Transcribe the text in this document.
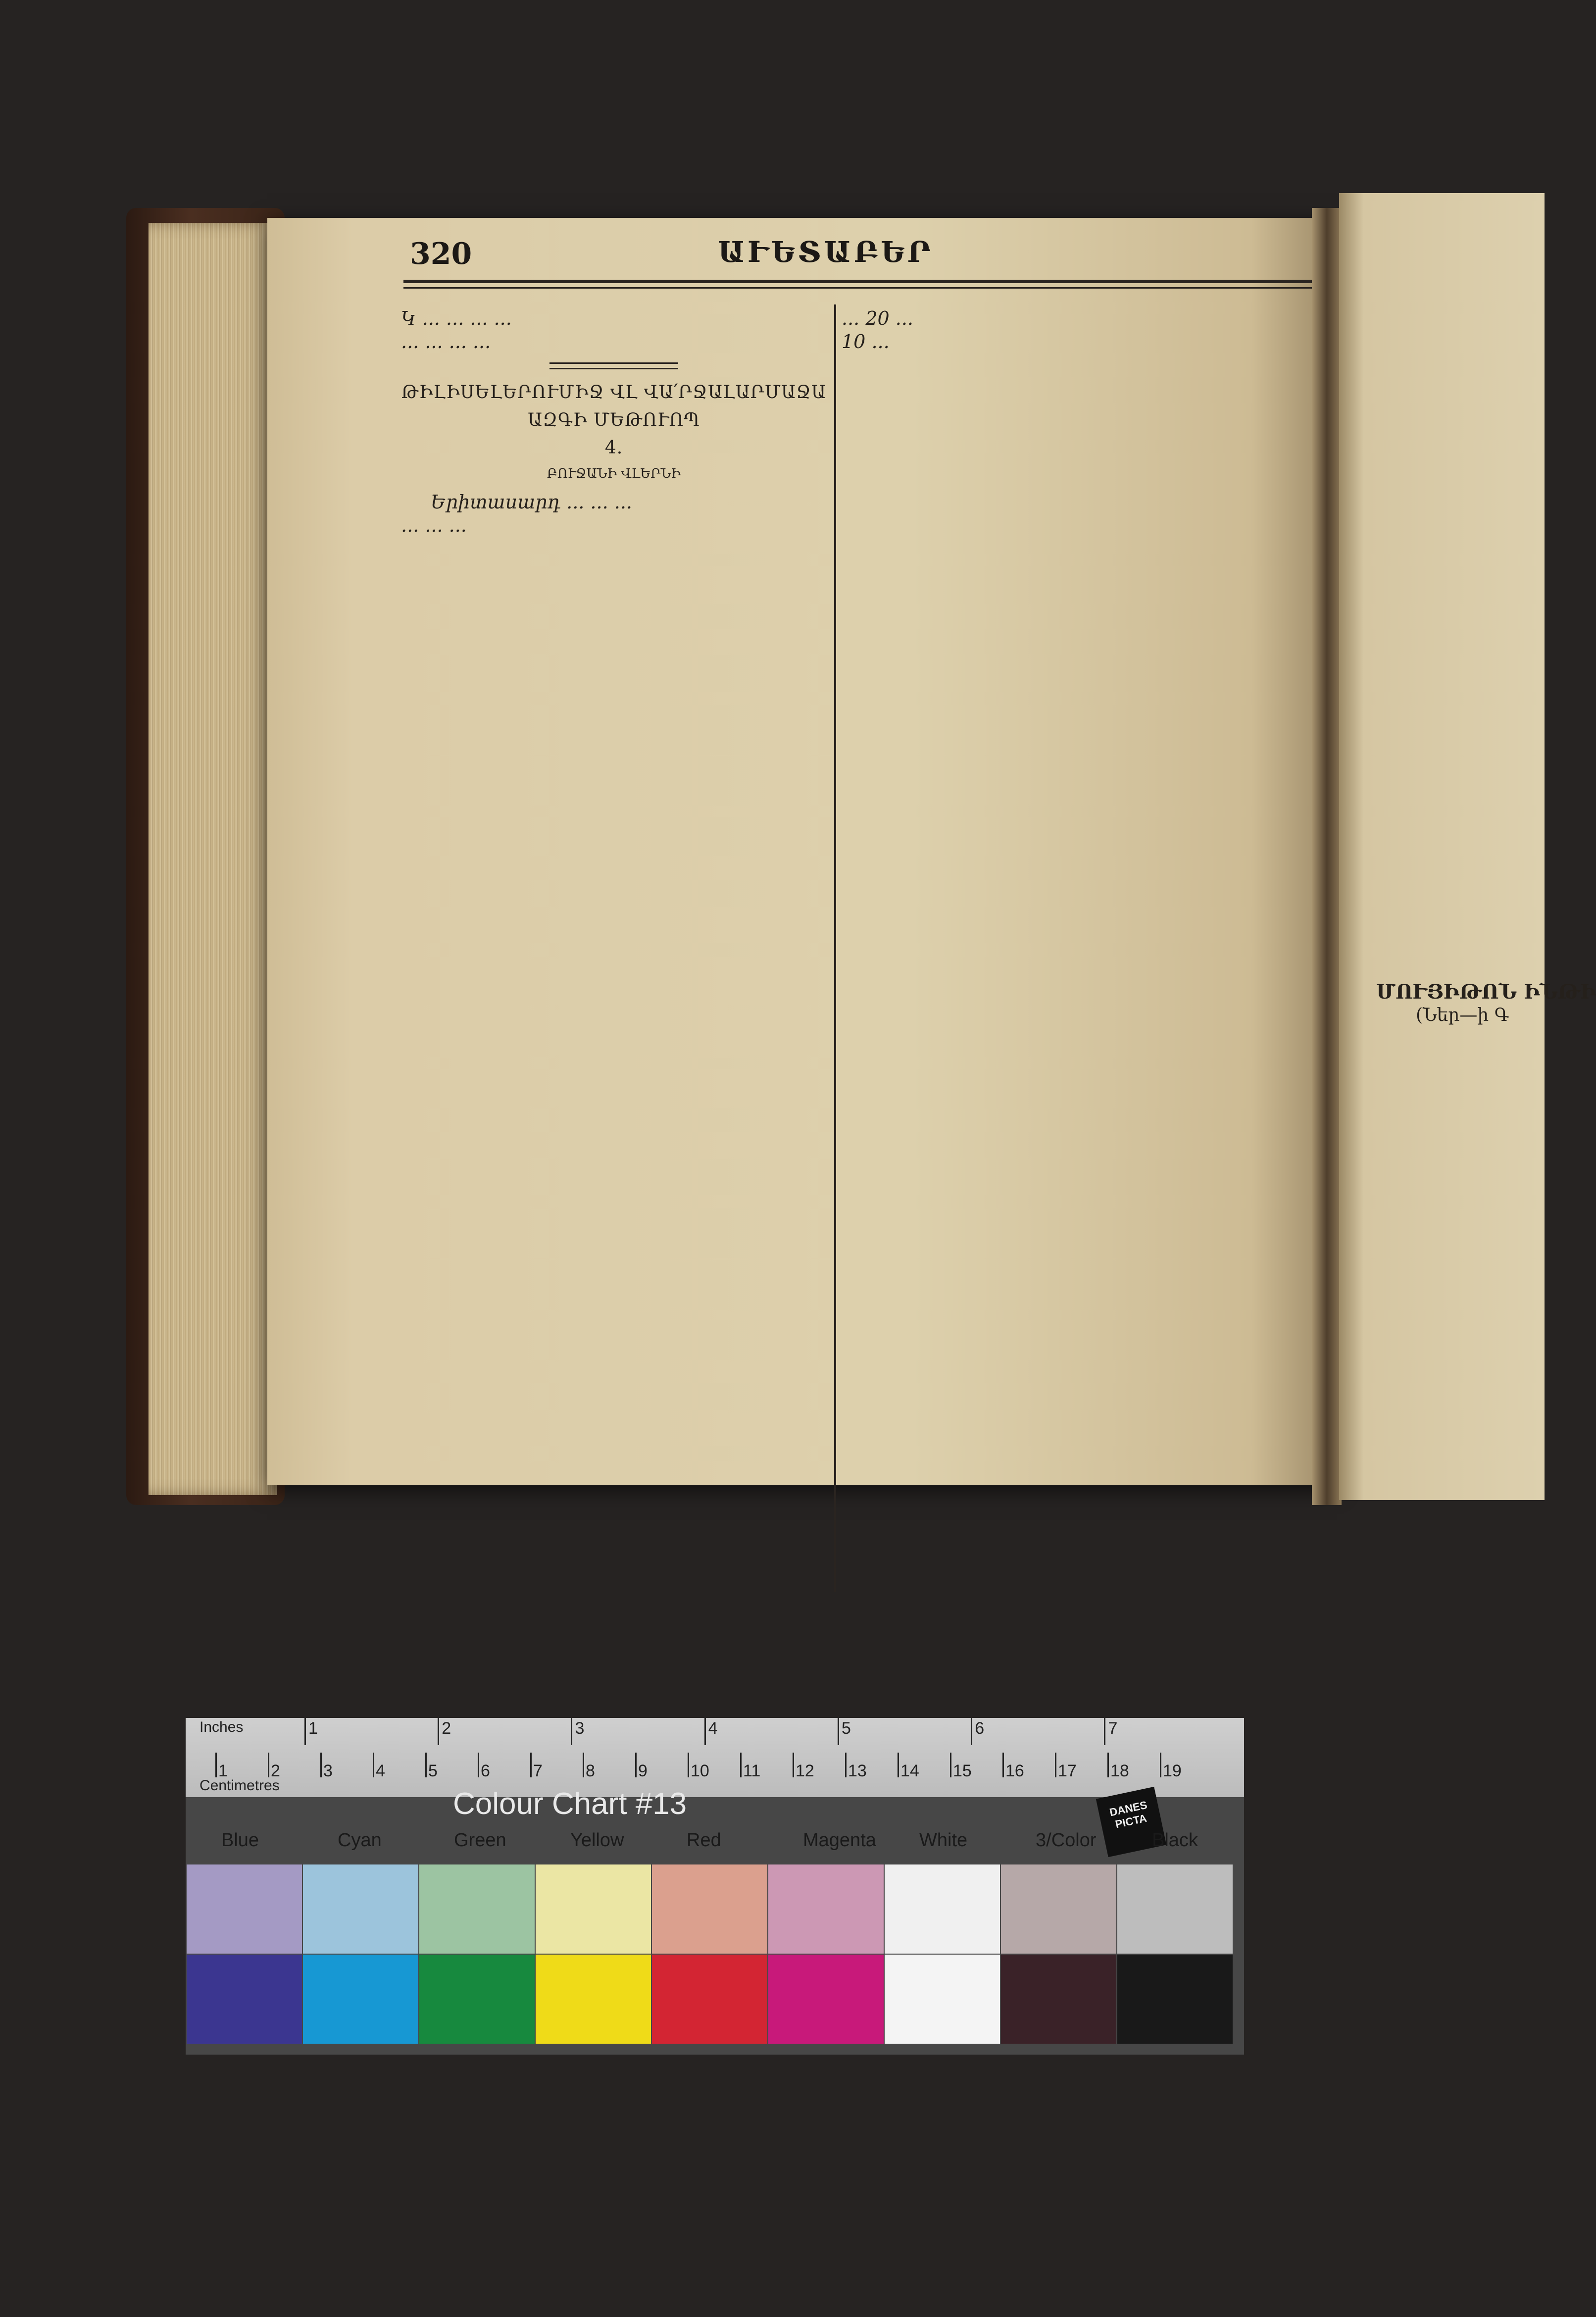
320	ԱՒԵՏԱԲԵՐ

Կ ... ... ... ...

... ... ... ...

ԹԻԼԻՍԵԼԵՐՈՒՄԻՋ ՎԼ ՎԱ՛ՐՋԱԼԱՐՄԱՋԱ
ԱԶԳԻ ՄԵԹՈՒՈՊ
4.
ԲՈՒՋԱՆԻ ՎԼԵՐՆԻ

Երիտասարդ ... ... ...

... ... ...

... 20 ...

10 ...

ՄՈՒՅԻԹՈՆ ԻՆԹԻ
(Ներ—ի Գ
Inches
Centimetres
1	2	3	4	5	6	7	8	9	10 11 12 13 14 15 16 17 18 19
1	2	3	4	5	6	7
Colour Chart #13	DANES PICTA
Blue	Cyan	Green	Yellow	Red	Magenta White	3/Color	Black
